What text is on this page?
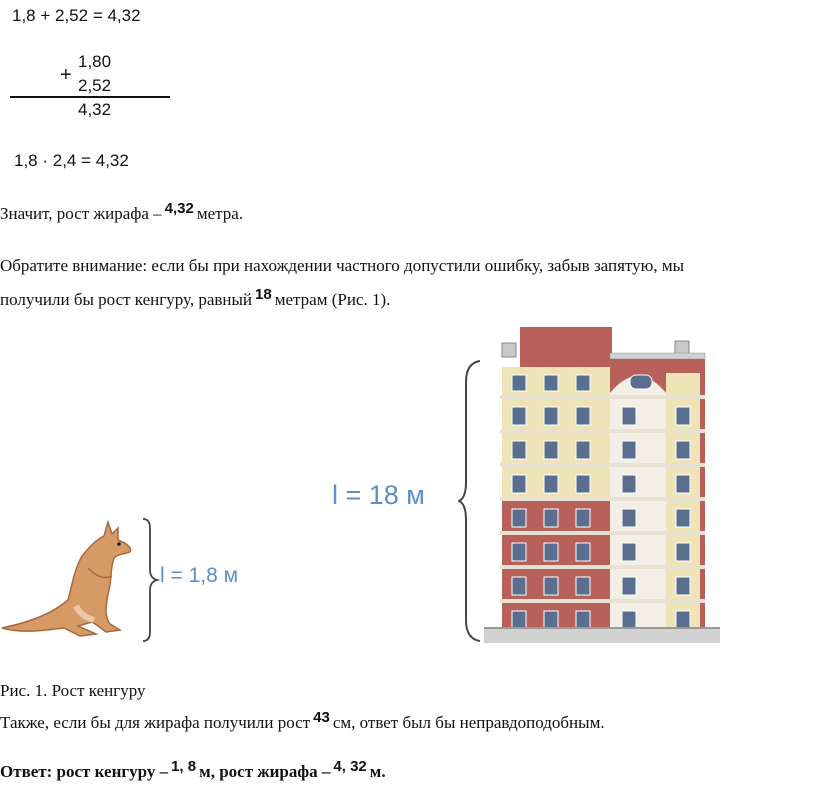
1,8 + 2,52 = 4,32
+
1,80
2,52
4,32
1,8 · 2,4 = 4,32
Значит, рост жирафа – 4,32 метра.
Обратите внимание: если бы при нахождении частного допустили ошибку, забыв запятую, мы
получили бы рост кенгуру, равный 18 метрам (Рис. 1).
l = 1,8 м
l = 18 м
Рис. 1. Рост кенгуру
Также, если бы для жирафа получили рост 43 см, ответ был бы неправдоподобным.
Ответ: рост кенгуру – 1, 8 м, рост жирафа – 4, 32 м.
